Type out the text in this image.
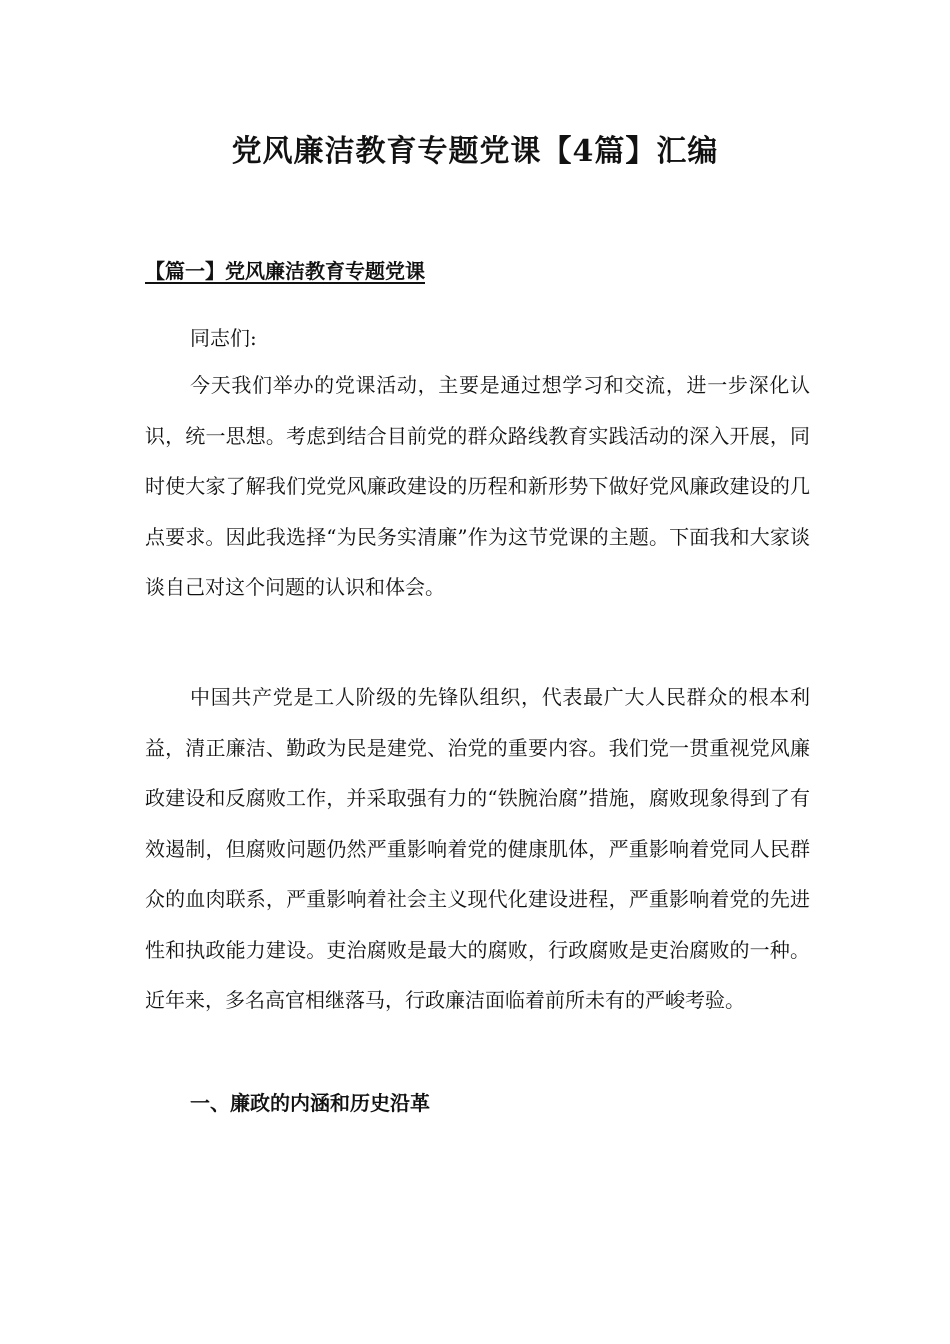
党风廉洁教育专题党课【4篇】汇编
【篇一】党风廉洁教育专题党课

同志们:

今天我们举办的党课活动，主要是通过想学习和交流，进一步深化认识，统一思想。考虑到结合目前党的群众路线教育实践活动的深入开展，同时使大家了解我们党党风廉政建设的历程和新形势下做好党风廉政建设的几点要求。因此我选择“为民务实清廉”作为这节党课的主题。下面我和大家谈谈自己对这个问题的认识和体会。

中国共产党是工人阶级的先锋队组织，代表最广大人民群众的根本利益，清正廉洁、勤政为民是建党、治党的重要内容。我们党一贯重视党风廉政建设和反腐败工作，并采取强有力的“铁腕治腐”措施，腐败现象得到了有效遏制，但腐败问题仍然严重影响着党的健康肌体，严重影响着党同人民群众的血肉联系，严重影响着社会主义现代化建设进程，严重影响着党的先进性和执政能力建设。吏治腐败是最大的腐败，行政腐败是吏治腐败的一种。近年来，多名高官相继落马，行政廉洁面临着前所未有的严峻考验。

一、廉政的内涵和历史沿革
